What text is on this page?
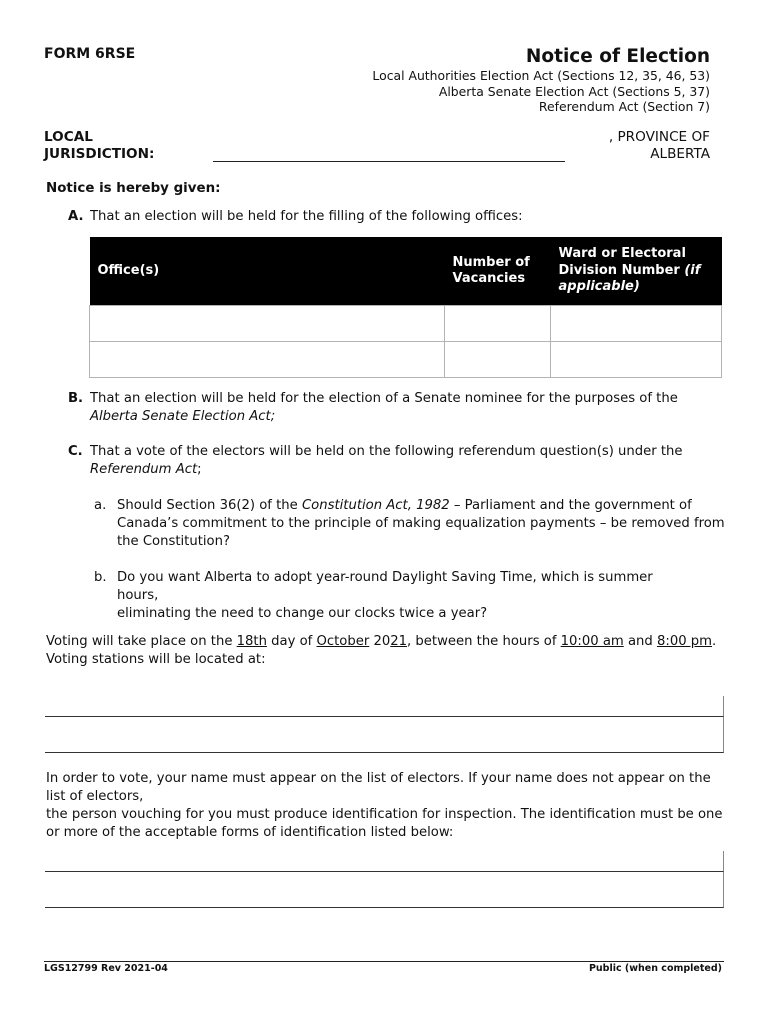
FORM 6RSE	Notice of Election
Local Authorities Election Act (Sections 12, 35, 46, 53)
Alberta Senate Election Act (Sections 5, 37)
Referendum Act (Section 7)
LOCAL
JURISDICTION:
, PROVINCE OF
ALBERTA
Notice is hereby given:
A. That an election will be held for the filling of the following offices:
Office(s)	Number of Vacancies	Ward or Electoral Division Number (if applicable)

B. That an election will be held for the election of a Senate nominee for the purposes of the Alberta Senate Election Act;
C. That a vote of the electors will be held on the following referendum question(s) under the Referendum Act;
a. Should Section 36(2) of the Constitution Act, 1982 – Parliament and the government of Canada’s commitment to the principle of making equalization payments – be removed from the Constitution?
b. Do you want Alberta to adopt year-round Daylight Saving Time, which is summer hours,
eliminating the need to change our clocks twice a year?
Voting will take place on the 18th day of October 2021, between the hours of 10:00 am and 8:00 pm.
Voting stations will be located at:
In order to vote, your name must appear on the list of electors. If your name does not appear on the list of electors,
the person vouching for you must produce identification for inspection. The identification must be one or more of the acceptable forms of identification listed below:
LGS12799 Rev 2021-04	Public (when completed)
